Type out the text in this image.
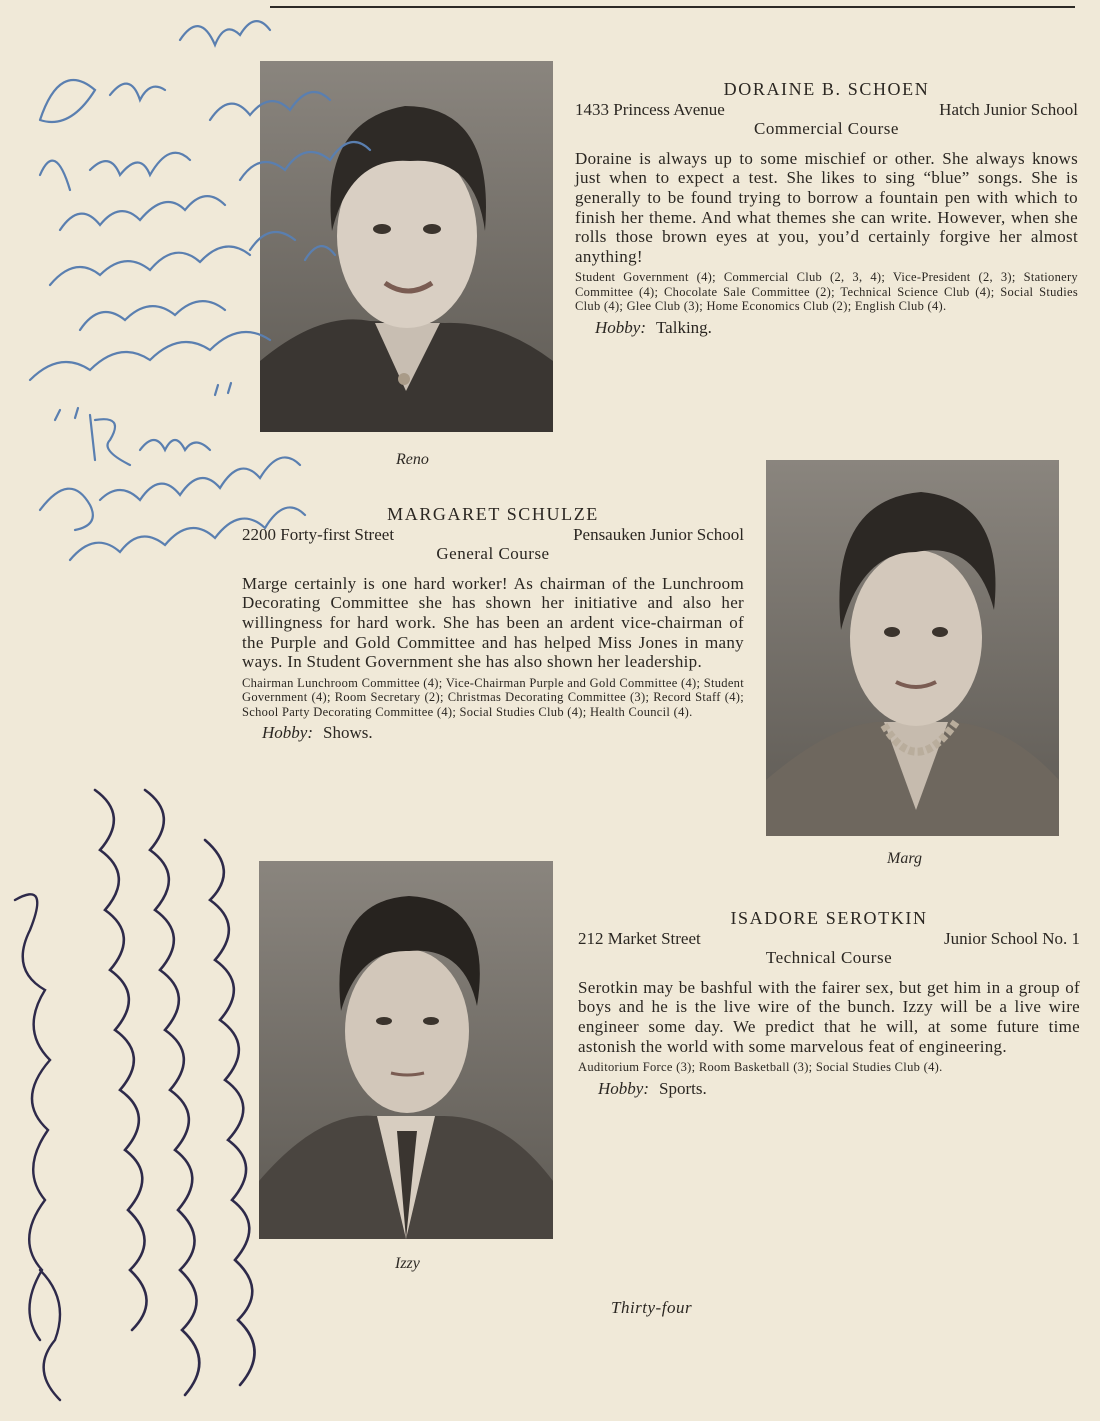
Reno
DORAINE B. SCHOEN
1433 Princess Avenue	Hatch Junior School
Commercial Course
Doraine is always up to some mischief or other. She always knows just when to expect a test. She likes to sing “blue” songs. She is generally to be found trying to borrow a fountain pen with which to finish her theme. And what themes she can write. However, when she rolls those brown eyes at you, you’d certainly forgive her almost anything!
Student Government (4); Commercial Club (2, 3, 4); Vice-President (2, 3); Stationery Committee (4); Chocolate Sale Committee (2); Technical Science Club (4); Social Studies Club (4); Glee Club (3); Home Economics Club (2); English Club (4).
Hobby: Talking.
MARGARET SCHULZE
2200 Forty-first Street	Pensauken Junior School
General Course
Marge certainly is one hard worker! As chairman of the Lunchroom Decorating Committee she has shown her initiative and also her willingness for hard work. She has been an ardent vice-chairman of the Purple and Gold Committee and has helped Miss Jones in many ways. In Student Government she has also shown her leadership.
Chairman Lunchroom Committee (4); Vice-Chairman Purple and Gold Committee (4); Student Government (4); Room Secretary (2); Christmas Decorating Committee (3); Record Staff (4); School Party Decorating Committee (4); Social Studies Club (4); Health Council (4).
Hobby: Shows.
Marg
Izzy
ISADORE SEROTKIN
212 Market Street	Junior School No. 1
Technical Course
Serotkin may be bashful with the fairer sex, but get him in a group of boys and he is the live wire of the bunch. Izzy will be a live wire engineer some day. We predict that he will, at some future time astonish the world with some marvelous feat of engineering.
Auditorium Force (3); Room Basketball (3); Social Studies Club (4).
Hobby: Sports.
Thirty-four
